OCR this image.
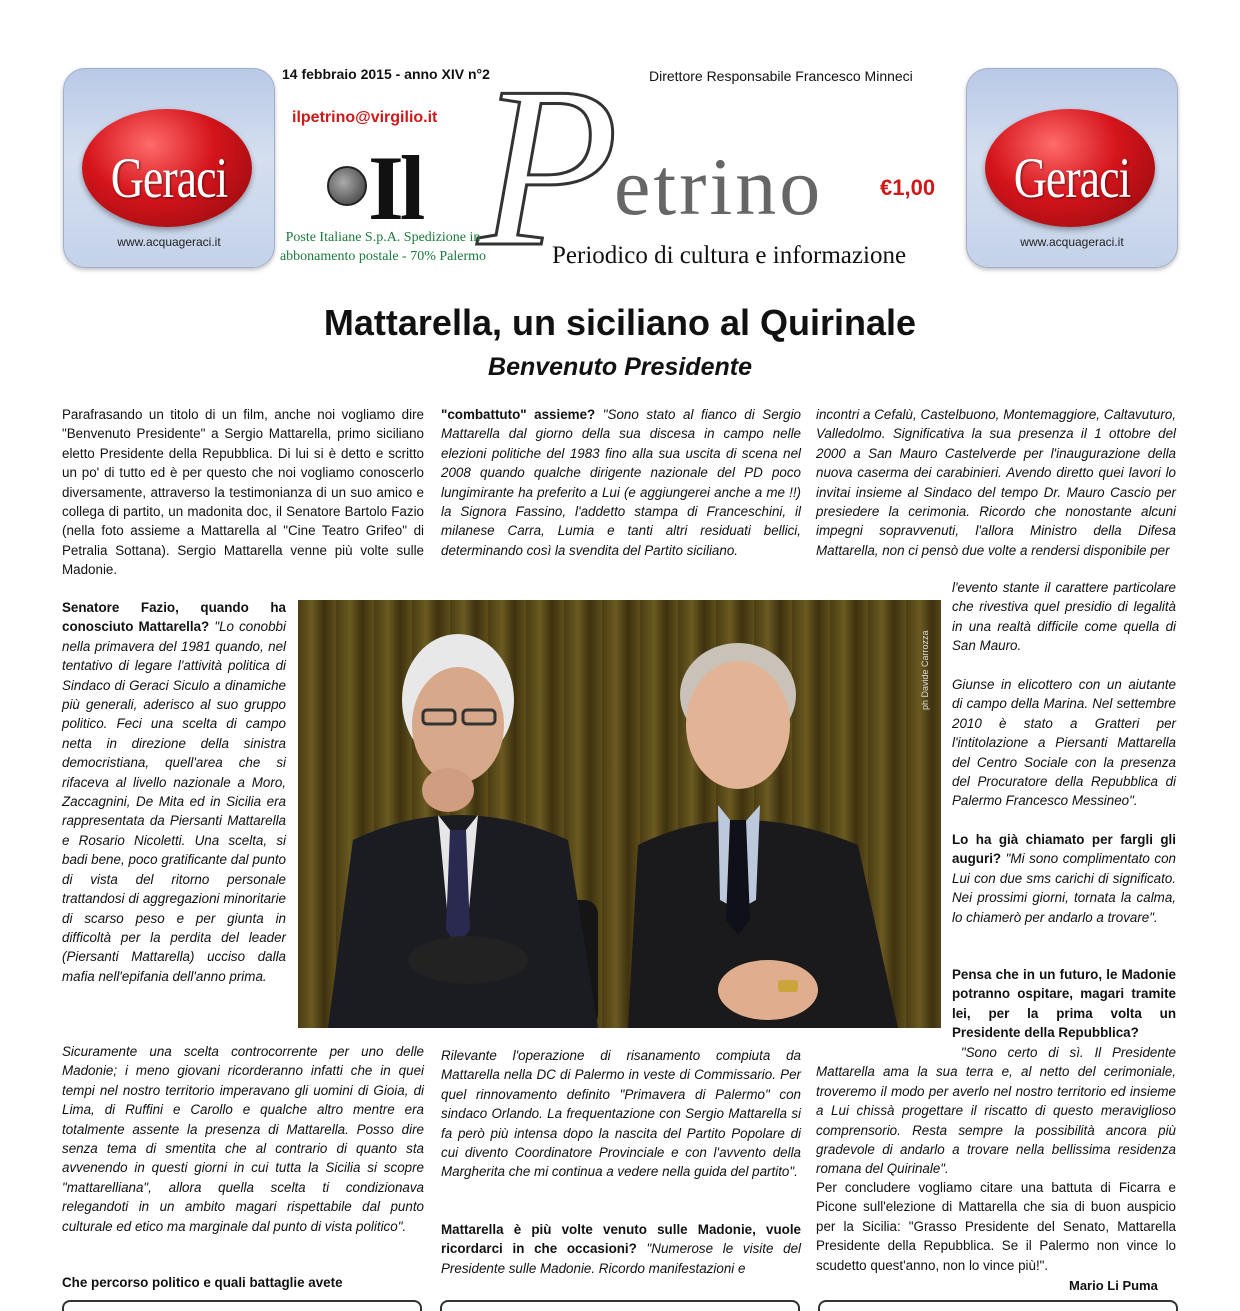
Geraci
www.acquageraci.it
Geraci
www.acquageraci.it
14 febbraio 2015 - anno XIV n°2	Direttore Responsabile Francesco Minneci
ilpetrino@virgilio.it
Il P
etrino	€1,00
Poste Italiane S.p.A. Spedizione in
abbonamento postale - 70% Palermo	Periodico di cultura e informazione
Mattarella, un siciliano al Quirinale
Benvenuto Presidente
Parafrasando un titolo di un film, anche noi vogliamo dire "Benvenuto Presidente" a Sergio Mattarella, primo siciliano eletto Presidente della Repubblica. Di lui si è detto e scritto un po' di tutto ed è per questo che noi vogliamo conoscerlo diversamente, attraverso la testimonianza di un suo amico e collega di partito, un madonita doc, il Senatore Bartolo Fazio (nella foto assieme a Mattarella al "Cine Teatro Grifeo" di Petralia Sottana). Sergio Mattarella venne più volte sulle Madonie.
Senatore Fazio, quando ha conosciuto Mattarella? "Lo conobbi nella primavera del 1981 quando, nel tentativo di legare l'attività politica di Sindaco di Geraci Siculo a dinamiche più generali, aderisco al suo gruppo politico. Feci una scelta di campo netta in direzione della sinistra democristiana, quell'area che si rifaceva al livello nazionale a Moro, Zaccagnini, De Mita ed in Sicilia era rappresentata da Piersanti Mattarella e Rosario Nicoletti. Una scelta, si badi bene, poco gratificante dal punto di vista del ritorno personale trattandosi di aggregazioni minoritarie di scarso peso e per giunta in difficoltà per la perdita del leader (Piersanti Mattarella) ucciso dalla mafia nell'epifania dell'anno prima.
Sicuramente una scelta controcorrente per uno delle Madonie; i meno giovani ricorderanno infatti che in quei tempi nel nostro territorio imperavano gli uomini di Gioia, di Lima, di Ruffini e Carollo e qualche altro mentre era totalmente assente la presenza di Mattarella. Posso dire senza tema di smentita che al contrario di quanto sta avvenendo in questi giorni in cui tutta la Sicilia si scopre "mattarelliana", allora quella scelta ti condizionava relegandoti in un ambito magari rispettabile dal punto culturale ed etico ma marginale dal punto di vista politico".
Che percorso politico e quali battaglie avete
"combattuto" assieme? "Sono stato al fianco di Sergio Mattarella dal giorno della sua discesa in campo nelle elezioni politiche del 1983 fino alla sua uscita di scena nel 2008 quando qualche dirigente nazionale del PD poco lungimirante ha preferito a Lui (e aggiungerei anche a me !!) la Signora Fassino, l'addetto stampa di Franceschini, il milanese Carra, Lumia e tanti altri residuati bellici, determinando così la svendita del Partito siciliano.
ph Davide Carrozza
Rilevante l'operazione di risanamento compiuta da Mattarella nella DC di Palermo in veste di Commissario. Per quel rinnovamento definito "Primavera di Palermo" con sindaco Orlando. La frequentazione con Sergio Mattarella si fa però più intensa dopo la nascita del Partito Popolare di cui divento Coordinatore Provinciale e con l'avvento della Margherita che mi continua a vedere nella guida del partito".
Mattarella è più volte venuto sulle Madonie, vuole ricordarci in che occasioni? "Numerose le visite del Presidente sulle Madonie. Ricordo manifestazioni e
incontri a Cefalù, Castelbuono, Montemaggiore, Caltavuturo, Valledolmo. Significativa la sua presenza il 1 ottobre del 2000 a San Mauro Castelverde per l'inaugurazione della nuova caserma dei carabinieri. Avendo diretto quei lavori lo invitai insieme al Sindaco del tempo Dr. Mauro Cascio per presiedere la cerimonia. Ricordo che nonostante alcuni impegni sopravvenuti, l'allora Ministro della Difesa Mattarella, non ci pensò due volte a rendersi disponibile per
l'evento stante il carattere particolare che rivestiva quel presidio di legalità in una realtà difficile come quella di San Mauro.
Giunse in elicottero con un aiutante di campo della Marina. Nel settembre 2010 è stato a Gratteri per l'intitolazione a Piersanti Mattarella del Centro Sociale con la presenza del Procuratore della Repubblica di Palermo Francesco Messineo".
Lo ha già chiamato per fargli gli auguri? "Mi sono complimentato con Lui con due sms carichi di significato. Nei prossimi giorni, tornata la calma, lo chiamerò per andarlo a trovare".
Pensa che in un futuro, le Madonie potranno ospitare, magari tramite lei, per la prima volta un Presidente della Repubblica?
"Sono certo di sì. Il Presidente Mattarella ama la sua terra e, al netto del cerimoniale, troveremo il modo per averlo nel nostro territorio ed insieme a Lui chissà progettare il riscatto di questo meraviglioso comprensorio. Resta sempre la possibilità ancora più gradevole di andarlo a trovare nella bellissima residenza romana del Quirinale".
Per concludere vogliamo citare una battuta di Ficarra e Picone sull'elezione di Mattarella che sia di buon auspicio per la Sicilia: "Grasso Presidente del Senato, Mattarella Presidente della Repubblica. Se il Palermo non vince lo scudetto quest'anno, non lo vince più!".
Mario Li Puma
